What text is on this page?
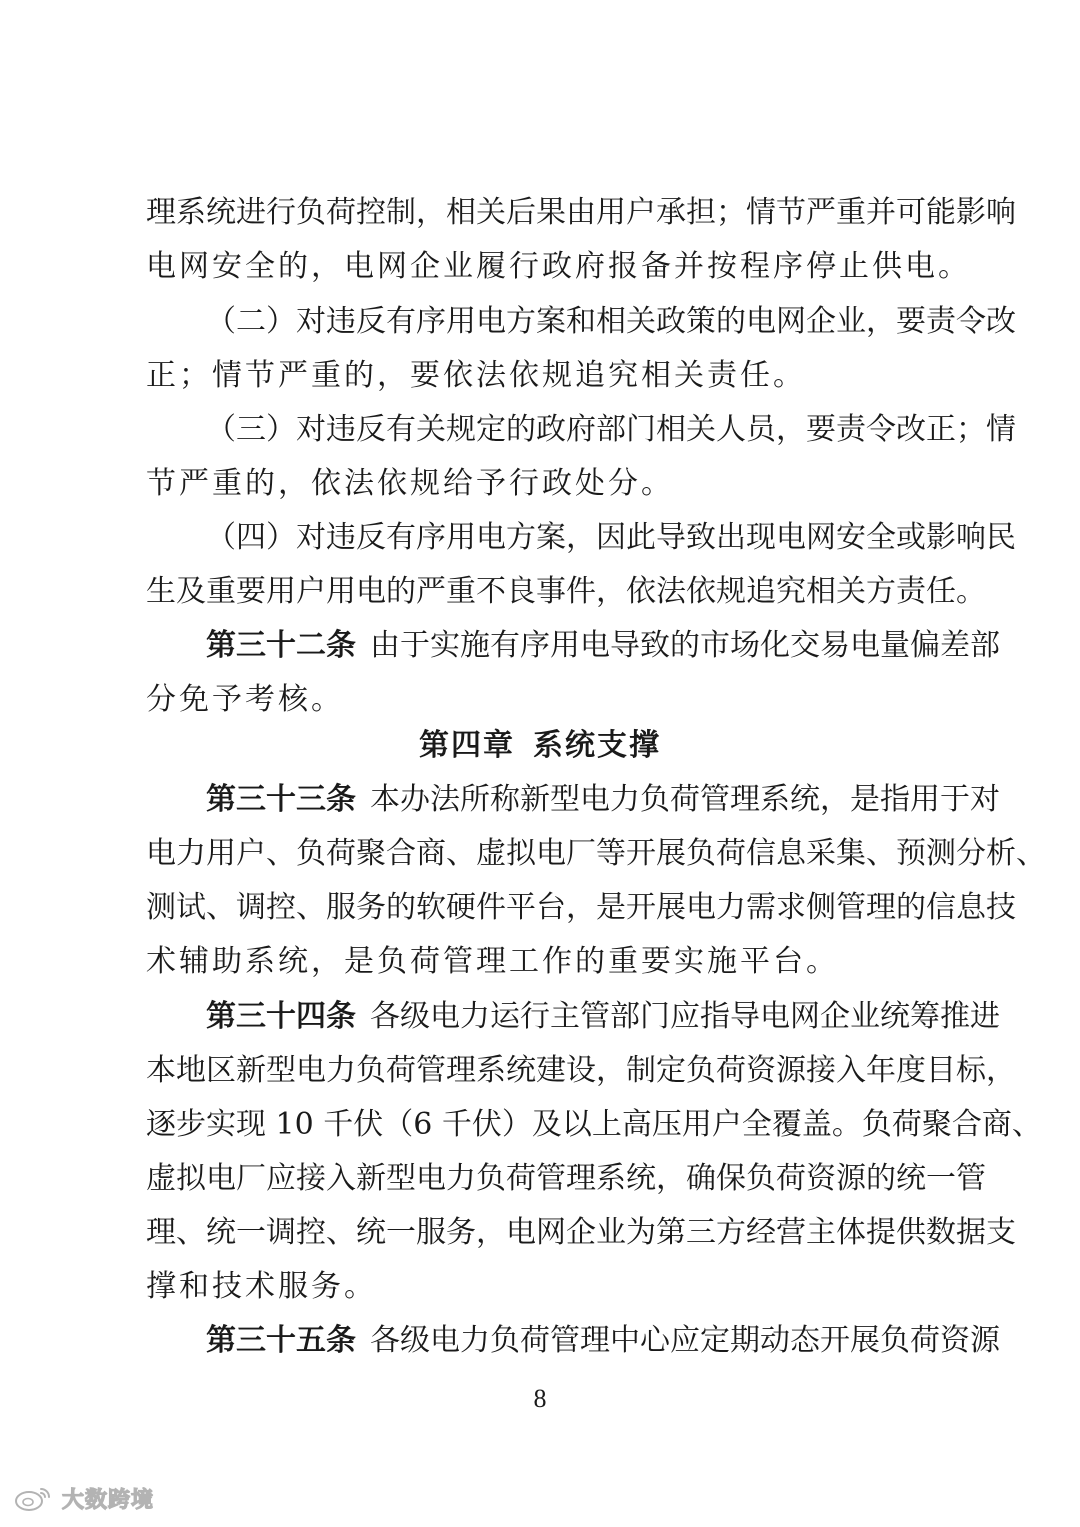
理系统进行负荷控制，相关后果由用户承担；情节严重并可能影响
电网安全的，电网企业履行政府报备并按程序停止供电。
（二）对违反有序用电方案和相关政策的电网企业，要责令改
正；情节严重的，要依法依规追究相关责任。
（三）对违反有关规定的政府部门相关人员，要责令改正；情
节严重的，依法依规给予行政处分。
（四）对违反有序用电方案，因此导致出现电网安全或影响民
生及重要用户用电的严重不良事件，依法依规追究相关方责任。
第三十二条 由于实施有序用电导致的市场化交易电量偏差部
分免予考核。
第四章 系统支撑
第三十三条 本办法所称新型电力负荷管理系统，是指用于对
电力用户、负荷聚合商、虚拟电厂等开展负荷信息采集、预测分析、
测试、调控、服务的软硬件平台，是开展电力需求侧管理的信息技
术辅助系统，是负荷管理工作的重要实施平台。
第三十四条 各级电力运行主管部门应指导电网企业统筹推进
本地区新型电力负荷管理系统建设，制定负荷资源接入年度目标，
逐步实现 10 千伏（6 千伏）及以上高压用户全覆盖。负荷聚合商、
虚拟电厂应接入新型电力负荷管理系统，确保负荷资源的统一管
理、统一调控、统一服务，电网企业为第三方经营主体提供数据支
撑和技术服务。
第三十五条 各级电力负荷管理中心应定期动态开展负荷资源
8
大数跨境
